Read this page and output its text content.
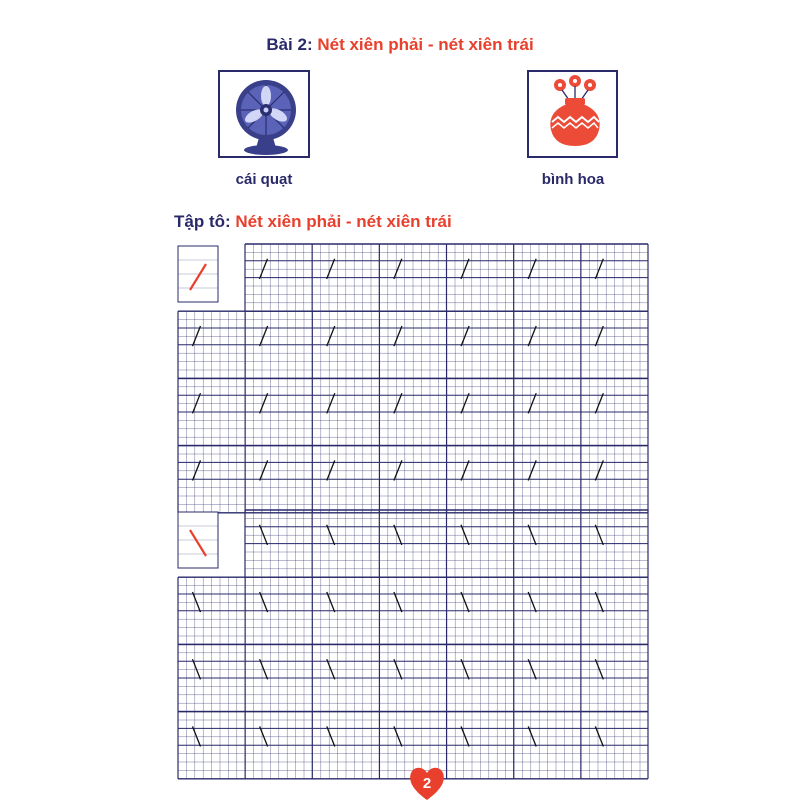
Bài 2: Nét xiên phải - nét xiên trái
cái quạt	bình hoa
Tập tô: Nét xiên phải - nét xiên trái
2
